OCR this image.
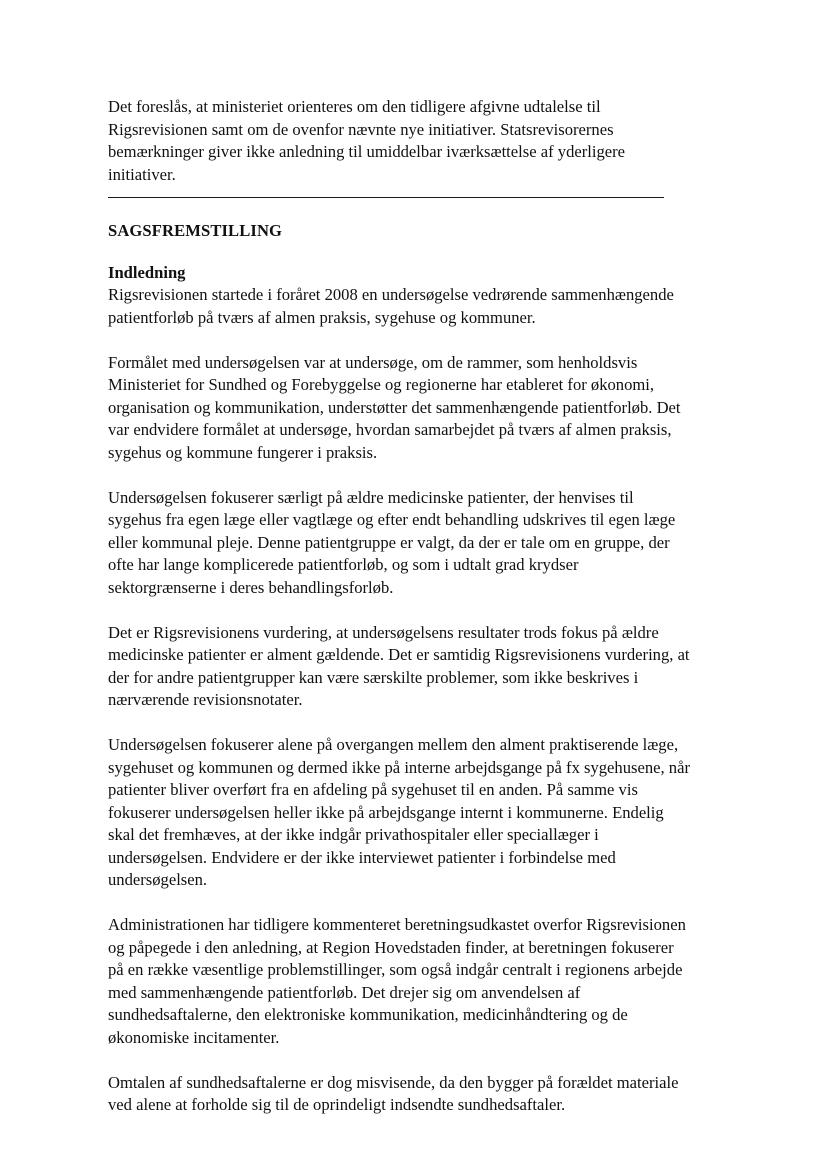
Det foreslås, at ministeriet orienteres om den tidligere afgivne udtalelse til
Rigsrevisionen samt om de ovenfor nævnte nye initiativer. Statsrevisorernes
bemærkninger giver ikke anledning til umiddelbar iværksættelse af yderligere
initiativer.
SAGSFREMSTILLING
Indledning
Rigsrevisionen startede i foråret 2008 en undersøgelse vedrørende sammenhængende
patientforløb på tværs af almen praksis, sygehuse og kommuner.
Formålet med undersøgelsen var at undersøge, om de rammer, som henholdsvis
Ministeriet for Sundhed og Forebyggelse og regionerne har etableret for økonomi,
organisation og kommunikation, understøtter det sammenhængende patientforløb. Det
var endvidere formålet at undersøge, hvordan samarbejdet på tværs af almen praksis,
sygehus og kommune fungerer i praksis.
Undersøgelsen fokuserer særligt på ældre medicinske patienter, der henvises til
sygehus fra egen læge eller vagtlæge og efter endt behandling udskrives til egen læge
eller kommunal pleje. Denne patientgruppe er valgt, da der er tale om en gruppe, der
ofte har lange komplicerede patientforløb, og som i udtalt grad krydser
sektorgrænserne i deres behandlingsforløb.
Det er Rigsrevisionens vurdering, at undersøgelsens resultater trods fokus på ældre
medicinske patienter er alment gældende. Det er samtidig Rigsrevisionens vurdering, at
der for andre patientgrupper kan være særskilte problemer, som ikke beskrives i
nærværende revisionsnotater.
Undersøgelsen fokuserer alene på overgangen mellem den alment praktiserende læge,
sygehuset og kommunen og dermed ikke på interne arbejdsgange på fx sygehusene, når
patienter bliver overført fra en afdeling på sygehuset til en anden. På samme vis
fokuserer undersøgelsen heller ikke på arbejdsgange internt i kommunerne. Endelig
skal det fremhæves, at der ikke indgår privathospitaler eller speciallæger i
undersøgelsen. Endvidere er der ikke interviewet patienter i forbindelse med
undersøgelsen.
Administrationen har tidligere kommenteret beretningsudkastet overfor Rigsrevisionen
og påpegede i den anledning, at Region Hovedstaden finder, at beretningen fokuserer
på en række væsentlige problemstillinger, som også indgår centralt i regionens arbejde
med sammenhængende patientforløb. Det drejer sig om anvendelsen af
sundhedsaftalerne, den elektroniske kommunikation, medicinhåndtering og de
økonomiske incitamenter.
Omtalen af sundhedsaftalerne er dog misvisende, da den bygger på forældet materiale
ved alene at forholde sig til de oprindeligt indsendte sundhedsaftaler.
